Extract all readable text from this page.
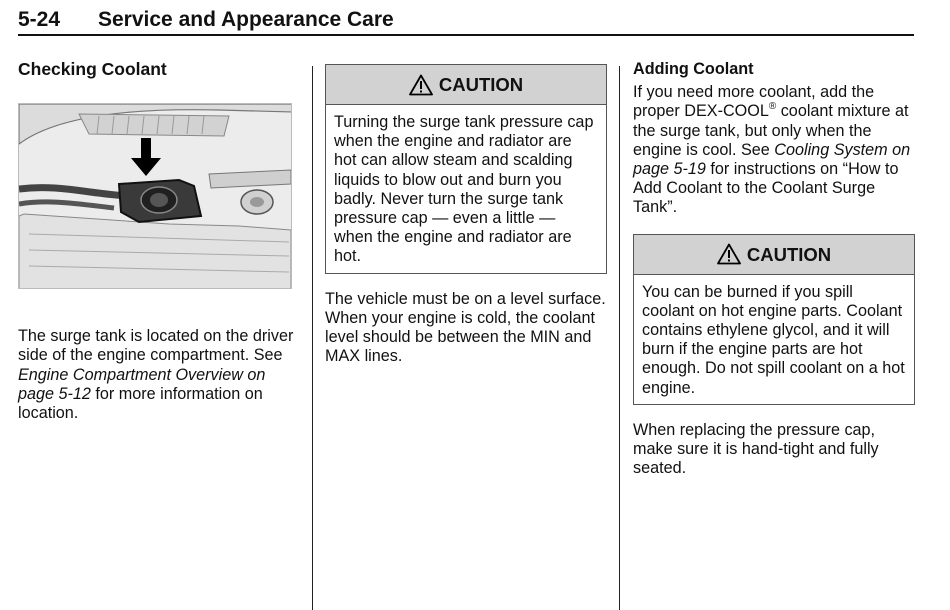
5-24 Service and Appearance Care
Checking Coolant
The surge tank is located on the driver side of the engine compartment. See Engine Compartment Overview on page 5-12 for more information on location.
CAUTION
Turning the surge tank pressure cap when the engine and radiator are hot can allow steam and scalding liquids to blow out and burn you badly. Never turn the surge tank pressure cap — even a little — when the engine and radiator are hot.
The vehicle must be on a level surface. When your engine is cold, the coolant level should be between the MIN and MAX lines.
Adding Coolant
If you need more coolant, add the proper DEX-COOL® coolant mixture at the surge tank, but only when the engine is cool. See Cooling System on page 5-19 for instructions on “How to Add Coolant to the Coolant Surge Tank”.
CAUTION
You can be burned if you spill coolant on hot engine parts. Coolant contains ethylene glycol, and it will burn if the engine parts are hot enough. Do not spill coolant on a hot engine.
When replacing the pressure cap, make sure it is hand-tight and fully seated.
